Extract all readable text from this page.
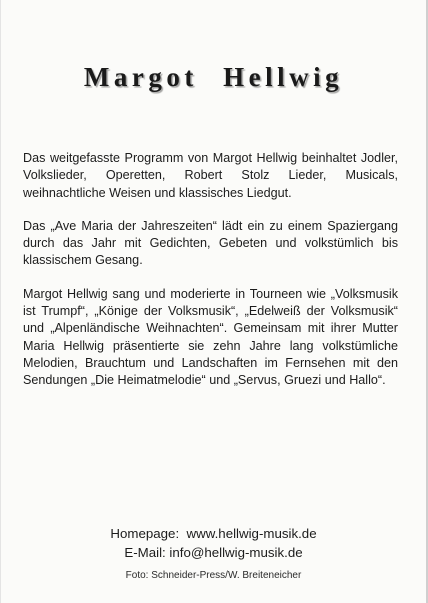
Margot Hellwig

Das weitgefasste Programm von Margot Hellwig beinhaltet Jodler, Volkslieder, Operetten, Robert Stolz Lieder, Musicals, weihnachtliche Weisen und klassisches Liedgut.

Das „Ave Maria der Jahreszeiten“ lädt ein zu einem Spaziergang durch das Jahr mit Gedichten, Gebeten und volkstümlich bis klassischem Gesang.

Margot Hellwig sang und moderierte in Tourneen wie „Volksmusik ist Trumpf“, „Könige der Volksmusik“, „Edelweiß der Volksmusik“ und „Alpenländische Weihnachten“. Gemeinsam mit ihrer Mutter Maria Hellwig präsentierte sie zehn Jahre lang volkstümliche Melodien, Brauchtum und Landschaften im Fernsehen mit den Sendungen „Die Heimatmelodie“ und „Servus, Gruezi und Hallo“.

Homepage:  www.hellwig-musik.de
E-Mail: info@hellwig-musik.de
Foto: Schneider-Press/W. Breiteneicher
